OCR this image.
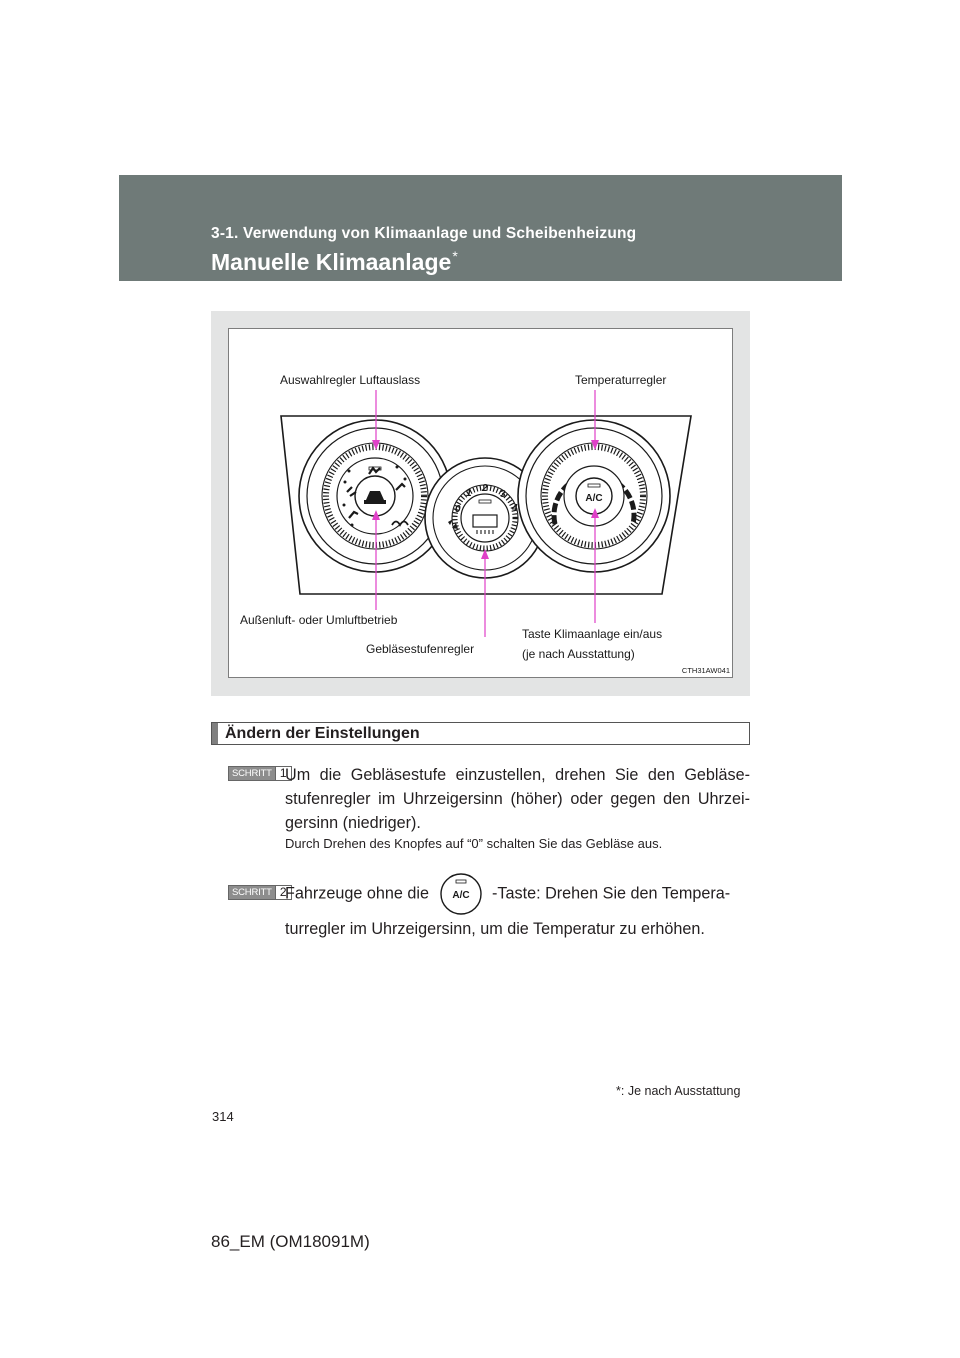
3-1. Verwendung von Klimaanlage und Scheibenheizung
Manuelle Klimaanlage*
0
1 2
3
4
A/C
Auswahlregler Luftauslass	Temperaturregler
Außenluft- oder Umluftbetrieb
Gebläsestufenregler
Taste Klimaanlage ein/aus
(je nach Ausstattung)
CTH31AW041
Ändern der Einstellungen
SCHRITT 1
Um die Gebläsestufe einzustellen, drehen Sie den Gebläse-stufenregler im Uhrzeigersinn (höher) oder gegen den Uhrzei-gersinn (niedriger).
Durch Drehen des Knopfes auf “0” schalten Sie das Gebläse aus.
SCHRITT 2
Fahrzeuge ohne die A/C -Taste: Drehen Sie den Tempera-
turregler im Uhrzeigersinn, um die Temperatur zu erhöhen.
*: Je nach Ausstattung
314
86_EM (OM18091M)
